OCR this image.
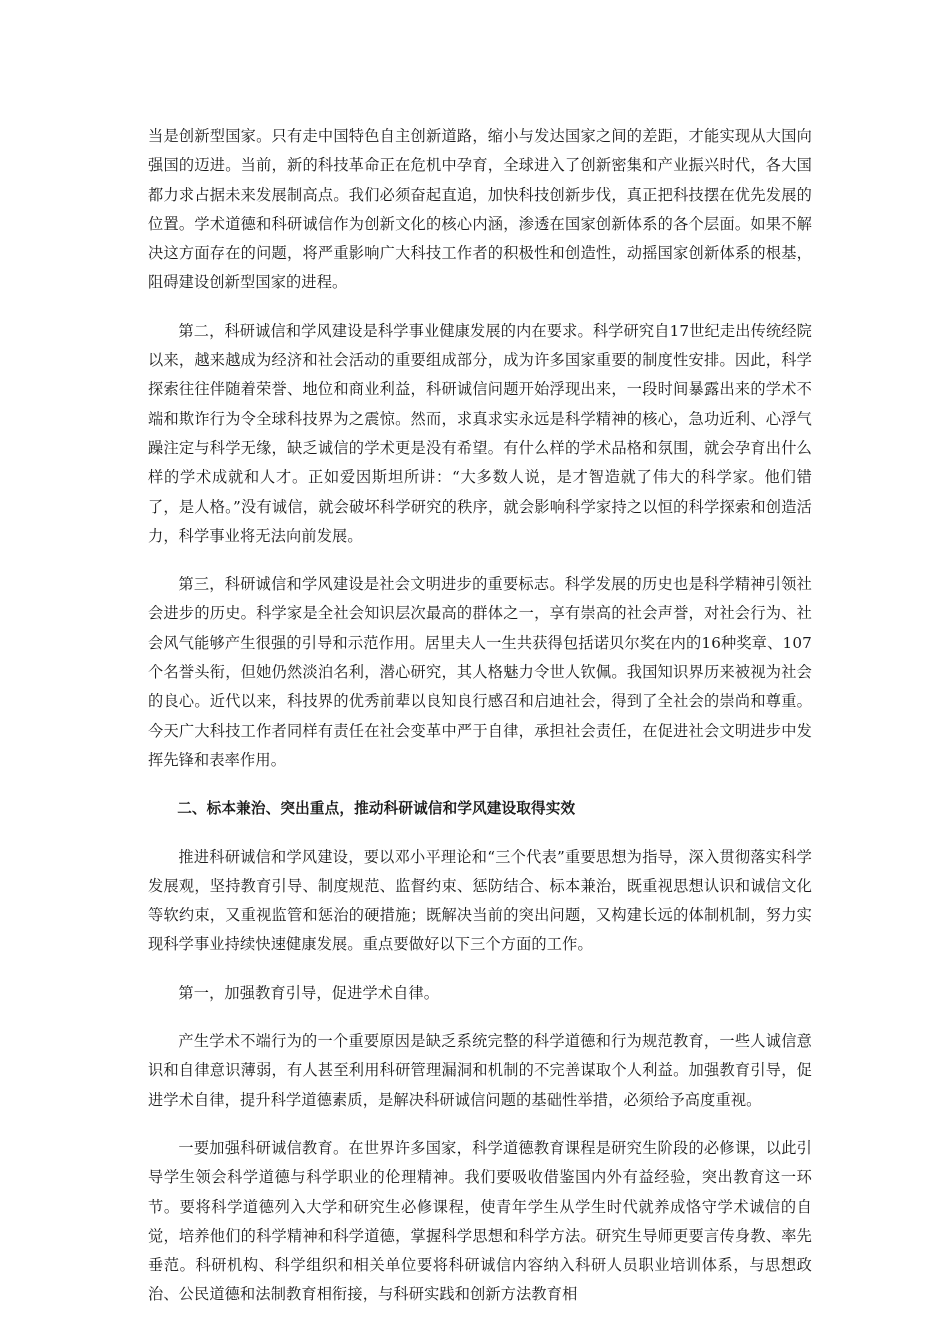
当是创新型国家。只有走中国特色自主创新道路，缩小与发达国家之间的差距，才能实现从大国向强国的迈进。当前，新的科技革命正在危机中孕育，全球进入了创新密集和产业振兴时代，各大国都力求占据未来发展制高点。我们必须奋起直追，加快科技创新步伐，真正把科技摆在优先发展的位置。学术道德和科研诚信作为创新文化的核心内涵，渗透在国家创新体系的各个层面。如果不解决这方面存在的问题，将严重影响广大科技工作者的积极性和创造性，动摇国家创新体系的根基，阻碍建设创新型国家的进程。

第二，科研诚信和学风建设是科学事业健康发展的内在要求。科学研究自17世纪走出传统经院以来，越来越成为经济和社会活动的重要组成部分，成为许多国家重要的制度性安排。因此，科学探索往往伴随着荣誉、地位和商业利益，科研诚信问题开始浮现出来，一段时间暴露出来的学术不端和欺诈行为令全球科技界为之震惊。然而，求真求实永远是科学精神的核心，急功近利、心浮气躁注定与科学无缘，缺乏诚信的学术更是没有希望。有什么样的学术品格和氛围，就会孕育出什么样的学术成就和人才。正如爱因斯坦所讲：“大多数人说，是才智造就了伟大的科学家。他们错了，是人格。”没有诚信，就会破坏科学研究的秩序，就会影响科学家持之以恒的科学探索和创造活力，科学事业将无法向前发展。

第三，科研诚信和学风建设是社会文明进步的重要标志。科学发展的历史也是科学精神引领社会进步的历史。科学家是全社会知识层次最高的群体之一，享有崇高的社会声誉，对社会行为、社会风气能够产生很强的引导和示范作用。居里夫人一生共获得包括诺贝尔奖在内的16种奖章、107个名誉头衔，但她仍然淡泊名利，潜心研究，其人格魅力令世人钦佩。我国知识界历来被视为社会的良心。近代以来，科技界的优秀前辈以良知良行感召和启迪社会，得到了全社会的崇尚和尊重。今天广大科技工作者同样有责任在社会变革中严于自律，承担社会责任，在促进社会文明进步中发挥先锋和表率作用。

二、标本兼治、突出重点，推动科研诚信和学风建设取得实效

推进科研诚信和学风建设，要以邓小平理论和“三个代表”重要思想为指导，深入贯彻落实科学发展观，坚持教育引导、制度规范、监督约束、惩防结合、标本兼治，既重视思想认识和诚信文化等软约束，又重视监管和惩治的硬措施；既解决当前的突出问题，又构建长远的体制机制，努力实现科学事业持续快速健康发展。重点要做好以下三个方面的工作。

第一，加强教育引导，促进学术自律。

产生学术不端行为的一个重要原因是缺乏系统完整的科学道德和行为规范教育，一些人诚信意识和自律意识薄弱，有人甚至利用科研管理漏洞和机制的不完善谋取个人利益。加强教育引导，促进学术自律，提升科学道德素质，是解决科研诚信问题的基础性举措，必须给予高度重视。

一要加强科研诚信教育。在世界许多国家，科学道德教育课程是研究生阶段的必修课，以此引导学生领会科学道德与科学职业的伦理精神。我们要吸收借鉴国内外有益经验，突出教育这一环节。要将科学道德列入大学和研究生必修课程，使青年学生从学生时代就养成恪守学术诚信的自觉，培养他们的科学精神和科学道德，掌握科学思想和科学方法。研究生导师更要言传身教、率先垂范。科研机构、科学组织和相关单位要将科研诚信内容纳入科研人员职业培训体系，与思想政治、公民道德和法制教育相衔接，与科研实践和创新方法教育相
